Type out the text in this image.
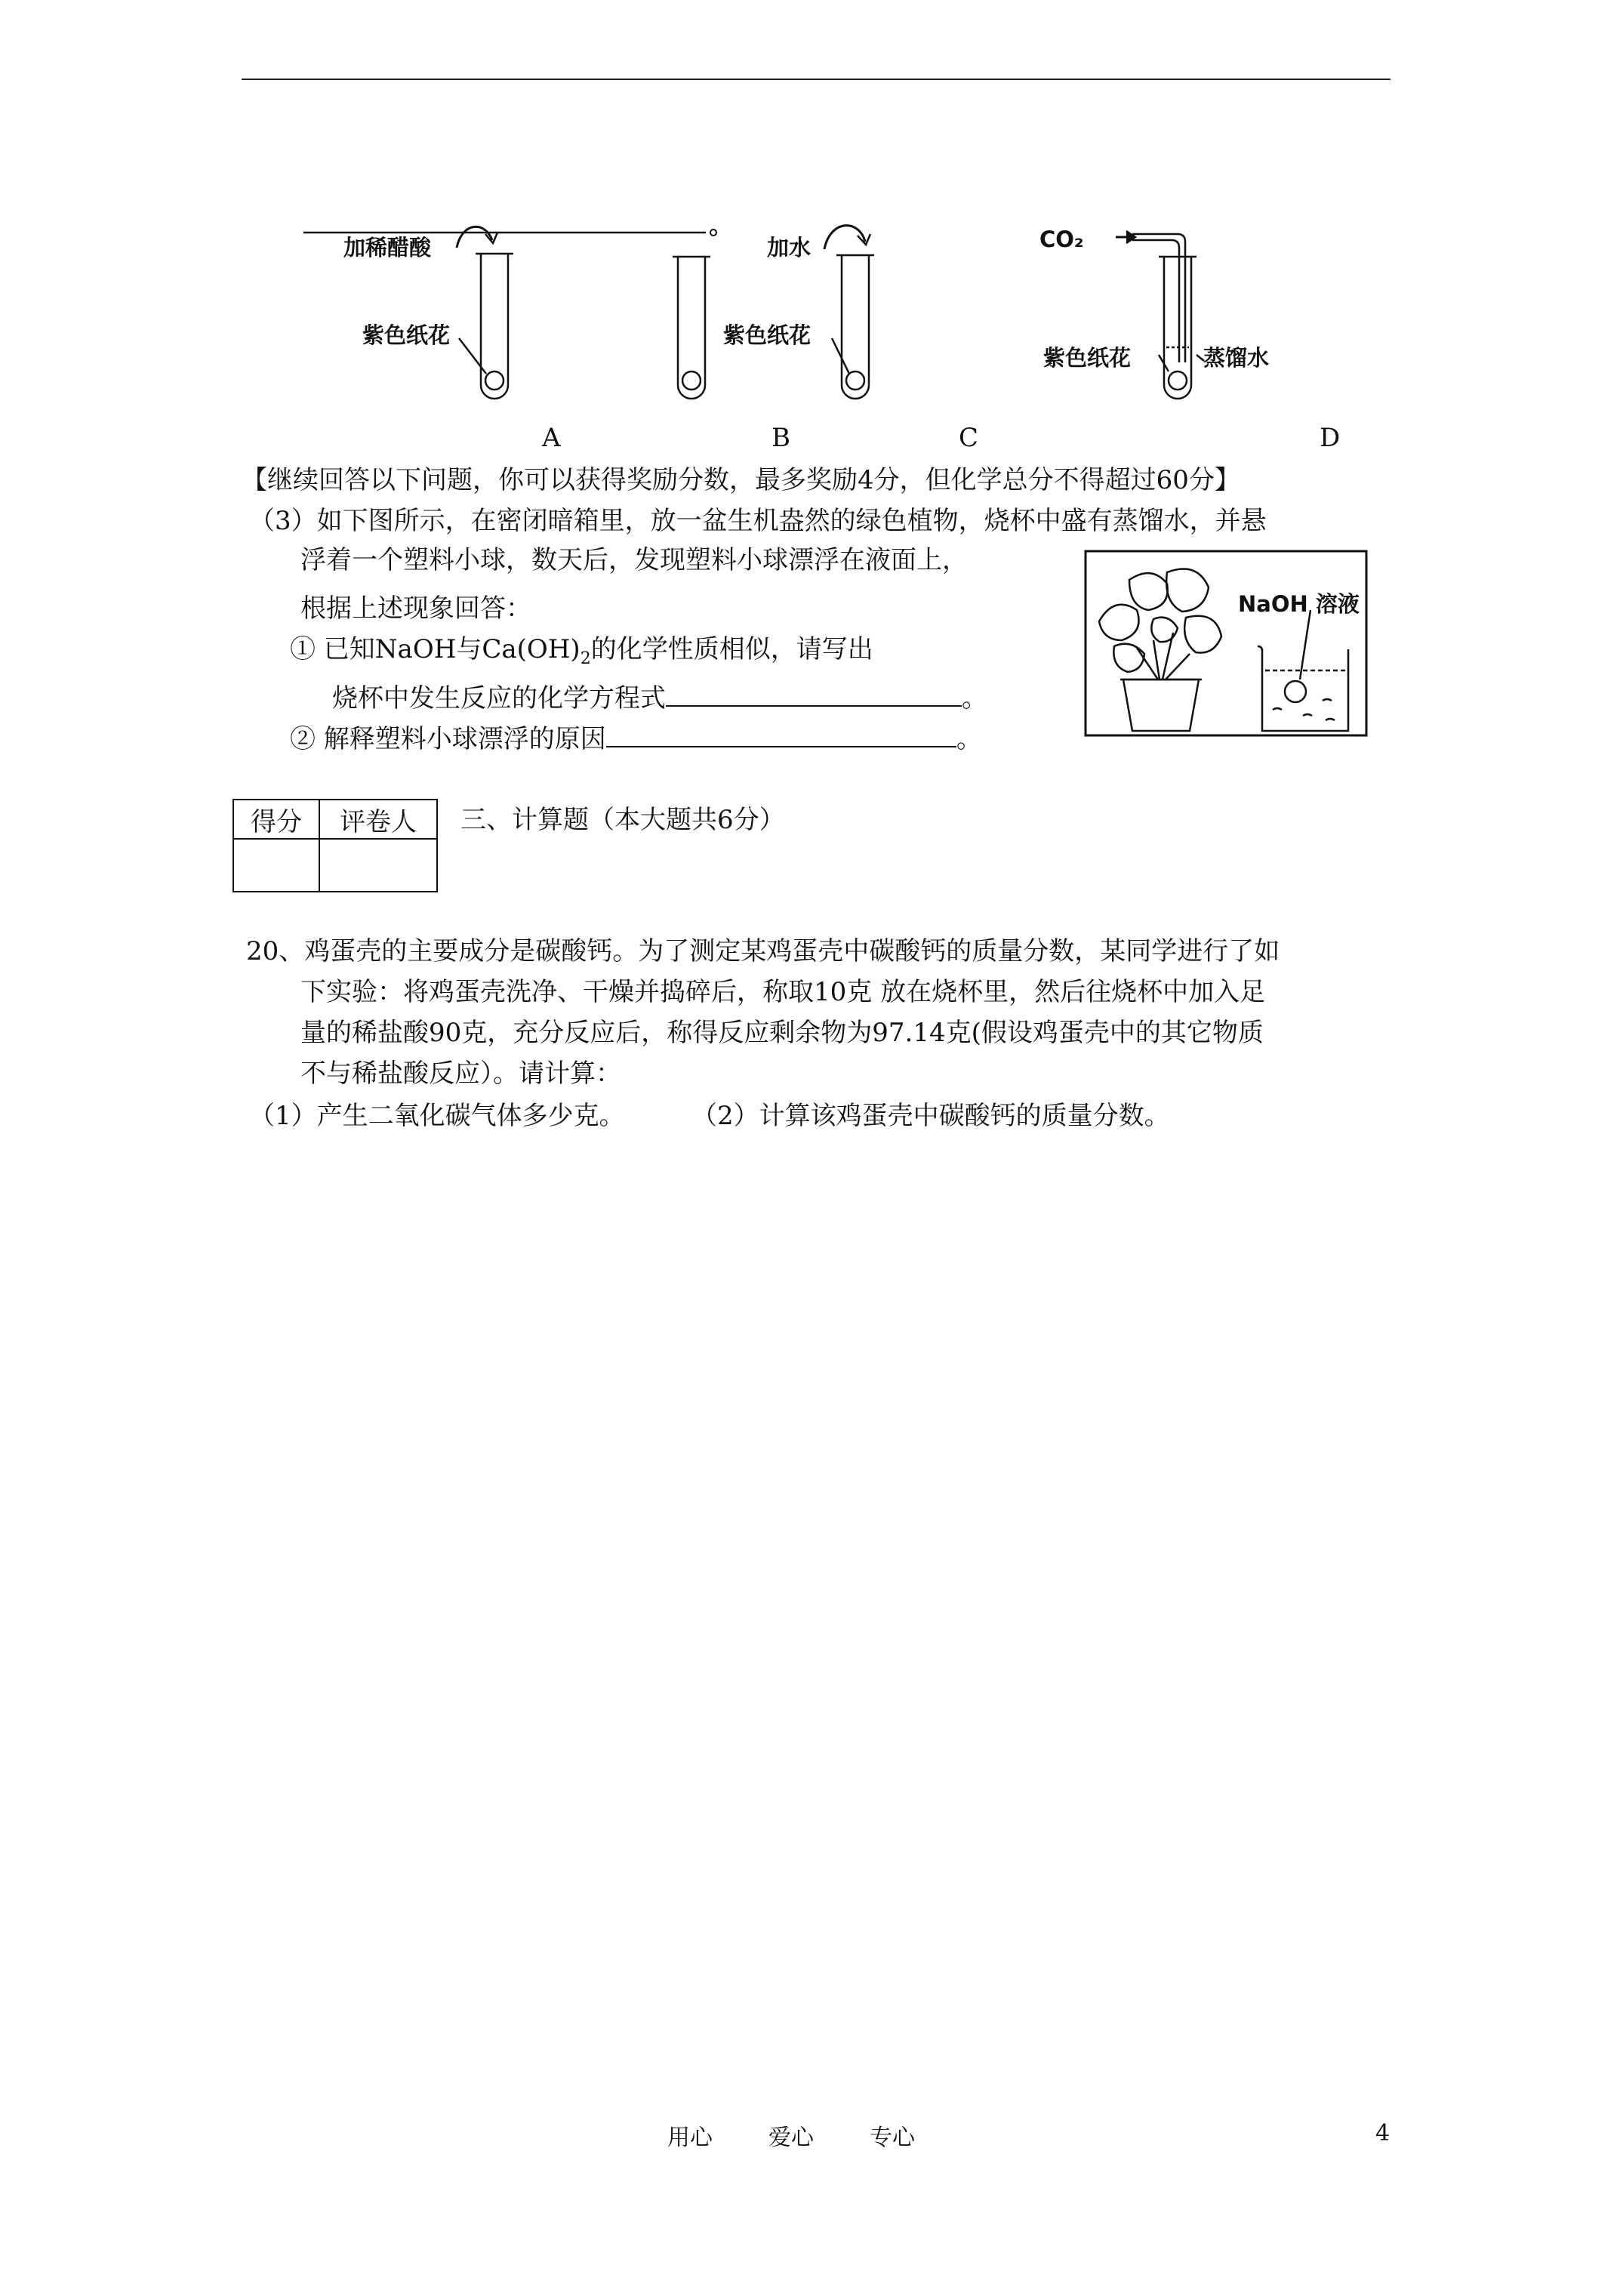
加稀醋酸	加水	CO₂
紫色纸花	紫色纸花
紫色纸花	蒸馏水
A	B	C	D
【继续回答以下问题，你可以获得奖励分数，最多奖励4分，但化学总分不得超过60分】
（3）如下图所示，在密闭暗箱里，放一盆生机盎然的绿色植物，烧杯中盛有蒸馏水，并悬
浮着一个塑料小球，数天后，发现塑料小球漂浮在液面上，
根据上述现象回答：
① 已知NaOH与$Ca(OH)_2$的化学性质相似，请写出
烧杯中发生反应的化学方程式	。
② 解释塑料小球漂浮的原因	。
NaOH 溶液
得分	评卷人
	三、计算题（本大题共6分）
20、鸡蛋壳的主要成分是碳酸钙。为了测定某鸡蛋壳中碳酸钙的质量分数，某同学进行了如
下实验：将鸡蛋壳洗净、干燥并捣碎后，称取10克 放在烧杯里，然后往烧杯中加入足
量的稀盐酸90克，充分反应后，称得反应剩余物为97.14克(假设鸡蛋壳中的其它物质
不与稀盐酸反应）。请计算：
（1）产生二氧化碳气体多少克。	（2）计算该鸡蛋壳中碳酸钙的质量分数。
用心 爱心 专心	4
